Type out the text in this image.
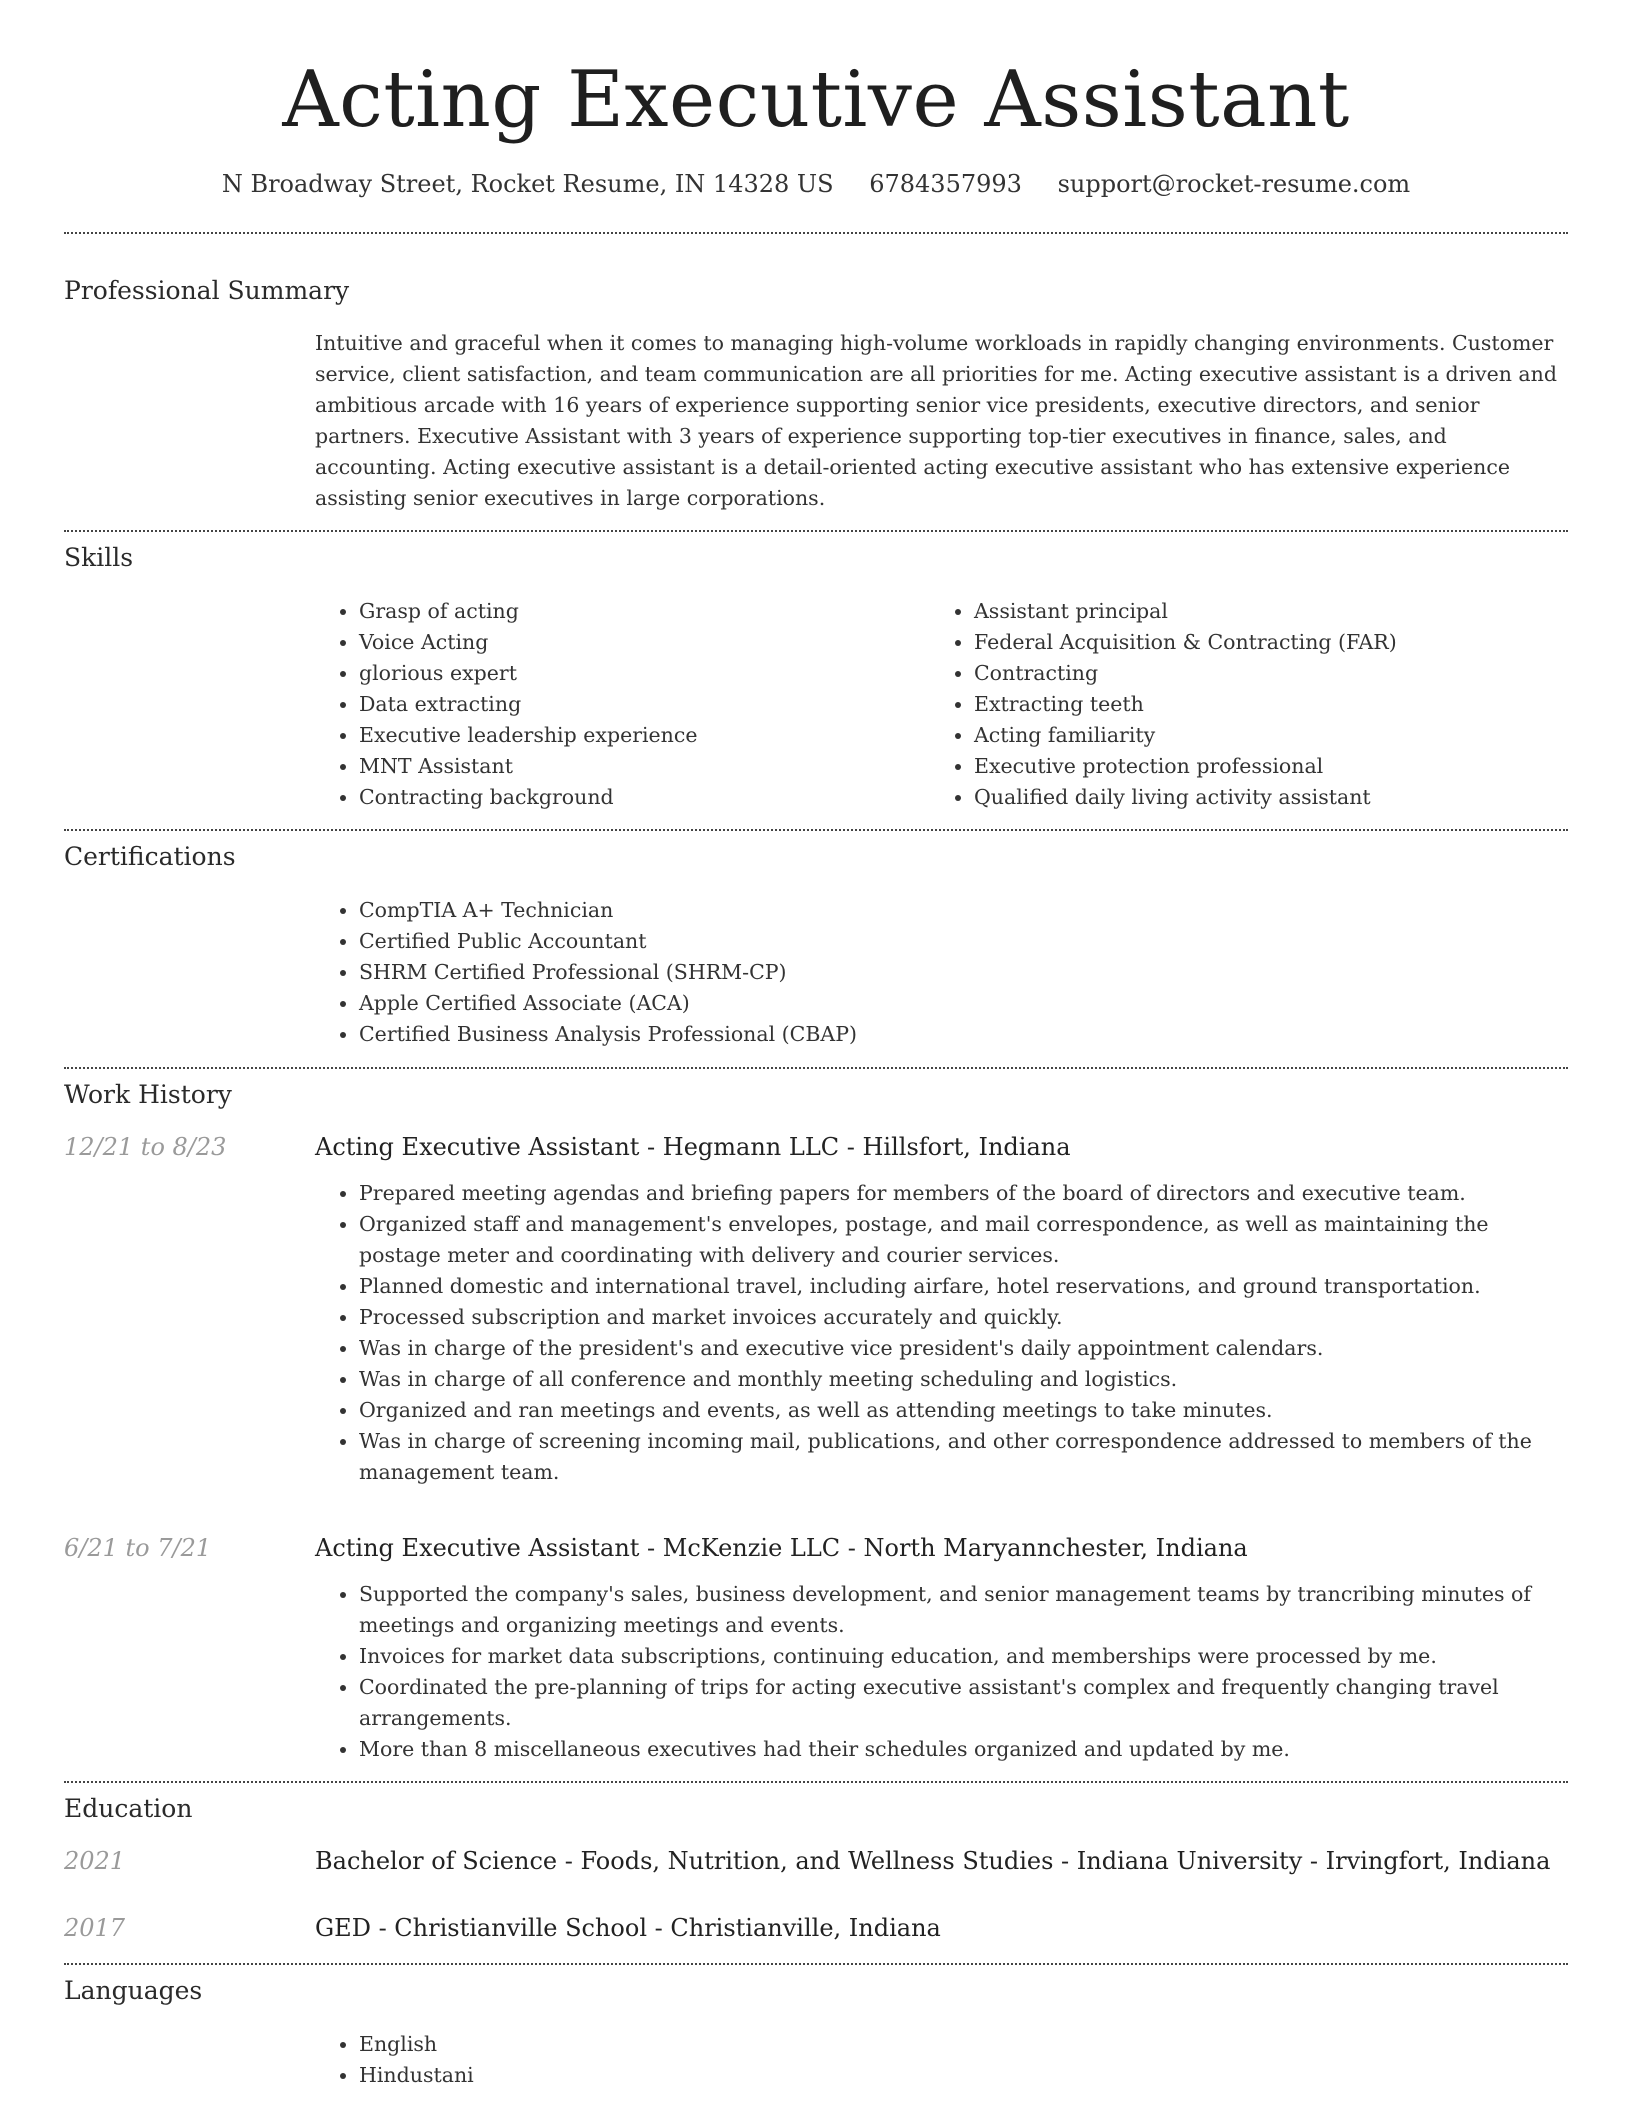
Acting Executive Assistant
N Broadway Street, Rocket Resume, IN 14328 US 6784357993 support@rocket-resume.com
Professional Summary

Intuitive and graceful when it comes to managing high-volume workloads in rapidly changing environments. Customer service, client satisfaction, and team communication are all priorities for me. Acting executive assistant is a driven and ambitious arcade with 16 years of experience supporting senior vice presidents, executive directors, and senior partners. Executive Assistant with 3 years of experience supporting top-tier executives in finance, sales, and accounting. Acting executive assistant is a detail-oriented acting executive assistant who has extensive experience assisting senior executives in large corporations.

Skills
• Grasp of acting
• Voice Acting
• glorious expert
• Data extracting
• Executive leadership experience
• MNT Assistant
• Contracting background
• Assistant principal
• Federal Acquisition & Contracting (FAR)
• Contracting
• Extracting teeth
• Acting familiarity
• Executive protection professional
• Qualified daily living activity assistant
Certifications
• CompTIA A+ Technician
• Certified Public Accountant
• SHRM Certified Professional (SHRM-CP)
• Apple Certified Associate (ACA)
• Certified Business Analysis Professional (CBAP)
Work History
12/21 to 8/23	Acting Executive Assistant - Hegmann LLC - Hillsfort, Indiana
• Prepared meeting agendas and briefing papers for members of the board of directors and executive team.
• Organized staff and management's envelopes, postage, and mail correspondence, as well as maintaining the postage meter and coordinating with delivery and courier services.
• Planned domestic and international travel, including airfare, hotel reservations, and ground transportation.
• Processed subscription and market invoices accurately and quickly.
• Was in charge of the president's and executive vice president's daily appointment calendars.
• Was in charge of all conference and monthly meeting scheduling and logistics.
• Organized and ran meetings and events, as well as attending meetings to take minutes.
• Was in charge of screening incoming mail, publications, and other correspondence addressed to members of the management team.
6/21 to 7/21	Acting Executive Assistant - McKenzie LLC - North Maryannchester, Indiana
• Supported the company's sales, business development, and senior management teams by trancribing minutes of meetings and organizing meetings and events.
• Invoices for market data subscriptions, continuing education, and memberships were processed by me.
• Coordinated the pre-planning of trips for acting executive assistant's complex and frequently changing travel arrangements.
• More than 8 miscellaneous executives had their schedules organized and updated by me.
Education
2021	Bachelor of Science - Foods, Nutrition, and Wellness Studies - Indiana University - Irvingfort, Indiana
2017	GED - Christianville School - Christianville, Indiana
Languages
• English
• Hindustani
